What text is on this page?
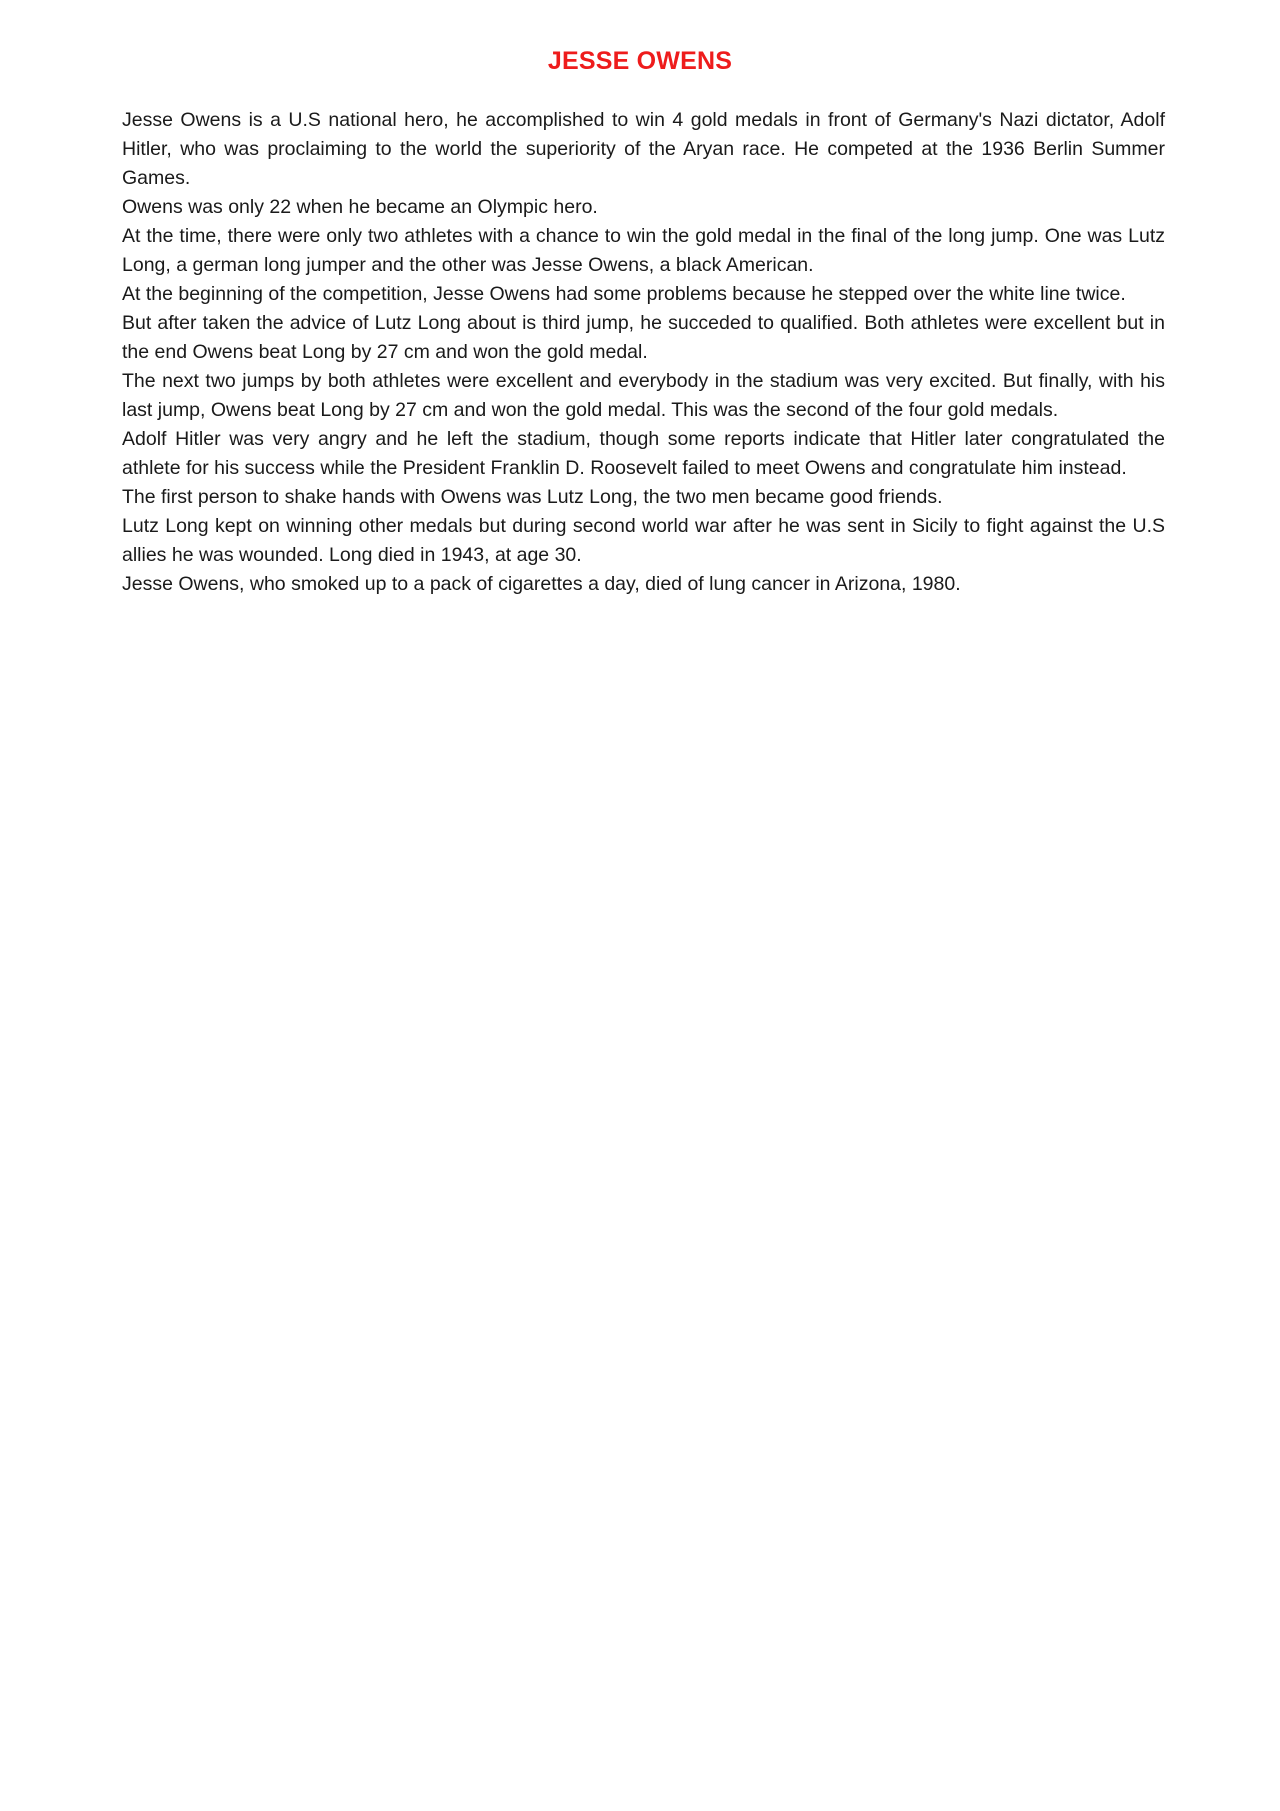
JESSE OWENS

Jesse Owens is a U.S national hero, he accomplished to win 4 gold medals in front of Germany's Nazi dictator, Adolf Hitler, who was proclaiming to the world the superiority of the Aryan race. He competed at the 1936 Berlin Summer Games.

Owens was only 22 when he became an Olympic hero.

At the time, there were only two athletes with a chance to win the gold medal in the final of the long jump. One was Lutz Long, a german long jumper and the other was Jesse Owens, a black American.

At the beginning of the competition, Jesse Owens had some problems because he stepped over the white line twice.

But after taken the advice of Lutz Long about is third jump, he succeded to qualified. Both athletes were excellent but in the end Owens beat Long by 27 cm and won the gold medal.

The next two jumps by both athletes were excellent and everybody in the stadium was very excited. But finally, with his last jump, Owens beat Long by 27 cm and won the gold medal. This was the second of the four gold medals.

Adolf Hitler was very angry and he left the stadium, though some reports indicate that Hitler later congratulated the athlete for his success while the President Franklin D. Roosevelt failed to meet Owens and congratulate him instead.

The first person to shake hands with Owens was Lutz Long, the two men became good friends.

Lutz Long kept on winning other medals but during second world war after he was sent in Sicily to fight against the U.S allies he was wounded. Long died in 1943, at age 30.

Jesse Owens, who smoked up to a pack of cigarettes a day, died of lung cancer in Arizona, 1980.
